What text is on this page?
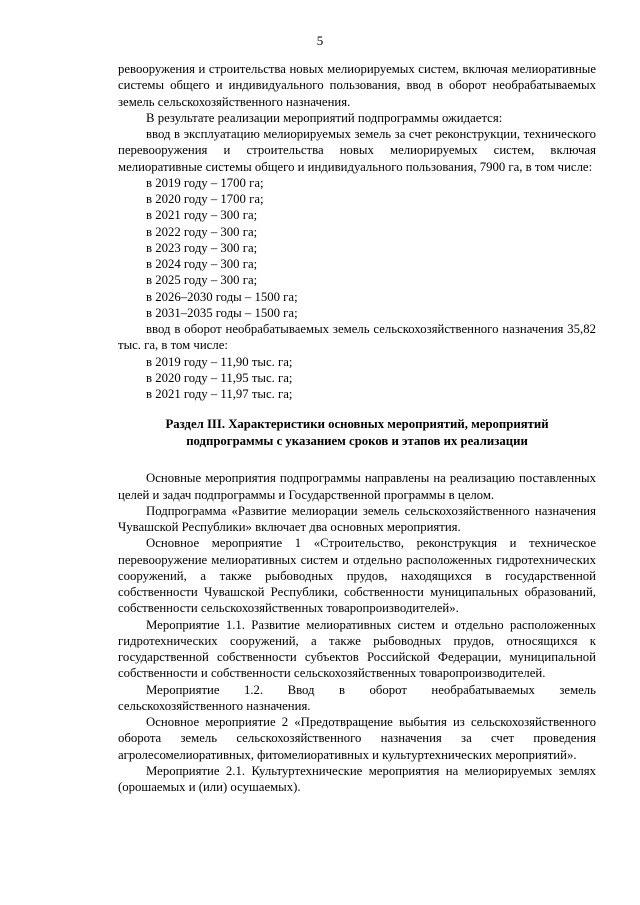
5

ревооружения и строительства новых мелиорируемых систем, включая мелиоративные системы общего и индивидуального пользования, ввод в оборот необрабатываемых земель сельскохозяйственного назначения.

В результате реализации мероприятий подпрограммы ожидается:

ввод в эксплуатацию мелиорируемых земель за счет реконструкции, технического перевооружения и строительства новых мелиорируемых систем, включая мелиоративные системы общего и индивидуального пользования, 7900 га, в том числе:

в 2019 году – 1700 га;

в 2020 году – 1700 га;

в 2021 году – 300 га;

в 2022 году – 300 га;

в 2023 году – 300 га;

в 2024 году – 300 га;

в 2025 году – 300 га;

в 2026–2030 годы – 1500 га;

в 2031–2035 годы – 1500 га;

ввод в оборот необрабатываемых земель сельскохозяйственного назначения 35,82 тыс. га, в том числе:

в 2019 году – 11,90 тыс. га;

в 2020 году – 11,95 тыс. га;

в 2021 году – 11,97 тыс. га;

Раздел III. Характеристики основных мероприятий, мероприятий

подпрограммы с указанием сроков и этапов их реализации

Основные мероприятия подпрограммы направлены на реализацию поставленных целей и задач подпрограммы и Государственной программы в целом.

Подпрограмма «Развитие мелиорации земель сельскохозяйственного назначения Чувашской Республики» включает два основных мероприятия.

Основное мероприятие 1 «Строительство, реконструкция и техническое перевооружение мелиоративных систем и отдельно расположенных гидротехнических сооружений, а также рыбоводных прудов, находящихся в государственной собственности Чувашской Республики, собственности муниципальных образований, собственности сельскохозяйственных товаропроизводителей».

Мероприятие 1.1. Развитие мелиоративных систем и отдельно расположенных гидротехнических сооружений, а также рыбоводных прудов, относящихся к государственной собственности субъектов Российской Федерации, муниципальной собственности и собственности сельскохозяйственных товаропроизводителей.

Мероприятие 1.2. Ввод в оборот необрабатываемых земель сельскохозяйственного назначения.

Основное мероприятие 2 «Предотвращение выбытия из сельскохозяйственного оборота земель сельскохозяйственного назначения за счет проведения агролесомелиоративных, фитомелиоративных и культуртехнических мероприятий».

Мероприятие 2.1. Культуртехнические мероприятия на мелиорируемых землях (орошаемых и (или) осушаемых).
